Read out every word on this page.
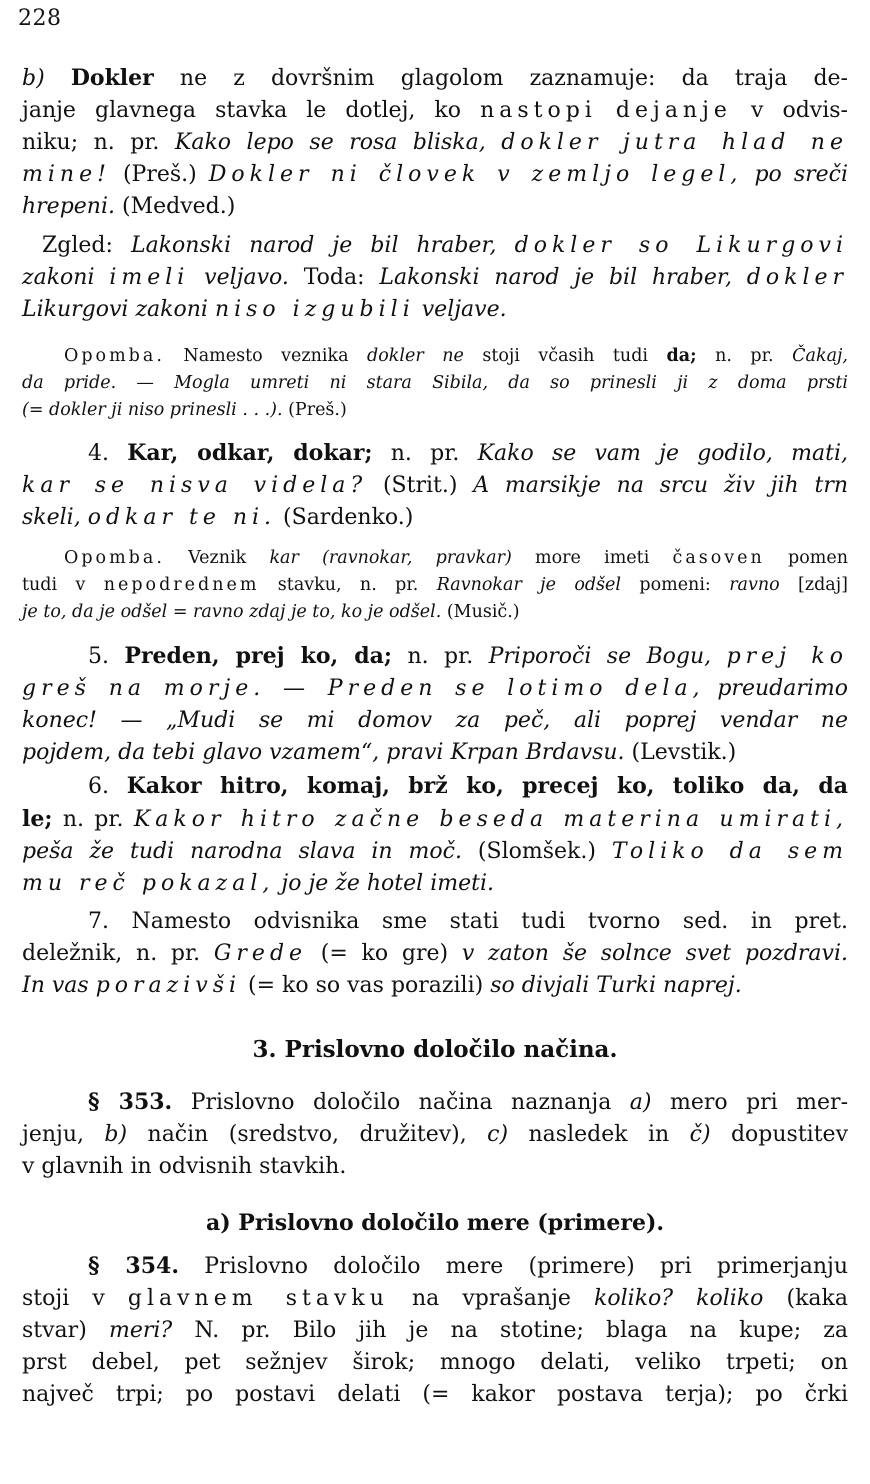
228
b) Dokler ne z dovršnim glagolom zaznamuje: da traja de-
janje glavnega stavka le dotlej, ko nastopi dejanje v odvis-
niku; n. pr. Kako lepo se rosa bliska, dokler jutra hlad ne
mine! (Preš.) Dokler ni človek v zemljo legel, po sreči
hrepeni. (Medved.)
Zgled: Lakonski narod je bil hraber, dokler so Likurgovi
zakoni imeli veljavo. Toda: Lakonski narod je bil hraber, dokler
Likurgovi zakoni niso izgubili veljave.
Opomba. Namesto veznika dokler ne stoji včasih tudi da; n. pr. Čakaj,
da pride. — Mogla umreti ni stara Sibila, da so prinesli ji z doma prsti
(= dokler ji niso prinesli . . .). (Preš.)
4. Kar, odkar, dokar; n. pr. Kako se vam je godilo, mati,
kar se nisva videla? (Strit.) A marsikje na srcu živ jih trn
skeli, odkar te ni. (Sardenko.)
Opomba. Veznik kar (ravnokar, pravkar) more imeti časoven pomen
tudi v nepodrednem stavku, n. pr. Ravnokar je odšel pomeni: ravno [zdaj]
je to, da je odšel = ravno zdaj je to, ko je odšel. (Musič.)
5. Preden, prej ko, da; n. pr. Priporoči se Bogu, prej ko
greš na morje. — Preden se lotimo dela, preudarimo
konec! — „Mudi se mi domov za peč, ali poprej vendar ne
pojdem, da tebi glavo vzamem“, pravi Krpan Brdavsu. (Levstik.)
6. Kakor hitro, komaj, brž ko, precej ko, toliko da, da
le; n. pr. Kakor hitro začne beseda materina umirati,
peša že tudi narodna slava in moč. (Slomšek.) Toliko da sem
mu reč pokazal, jo je že hotel imeti.
7. Namesto odvisnika sme stati tudi tvorno sed. in pret.
deležnik, n. pr. Grede (= ko gre) v zaton še solnce svet pozdravi.
In vas porazivši (= ko so vas porazili) so divjali Turki naprej.
3. Prislovno določilo načina.
§ 353. Prislovno določilo načina naznanja a) mero pri mer-
jenju, b) način (sredstvo, družitev), c) nasledek in č) dopustitev
v glavnih in odvisnih stavkih.
a) Prislovno določilo mere (primere).
§ 354. Prislovno določilo mere (primere) pri primerjanju
stoji v glavnem stavku na vprašanje koliko? koliko (kaka
stvar) meri? N. pr. Bilo jih je na stotine; blaga na kupe; za
prst debel, pet sežnjev širok; mnogo delati, veliko trpeti; on
največ trpi; po postavi delati (= kakor postava terja); po črki
